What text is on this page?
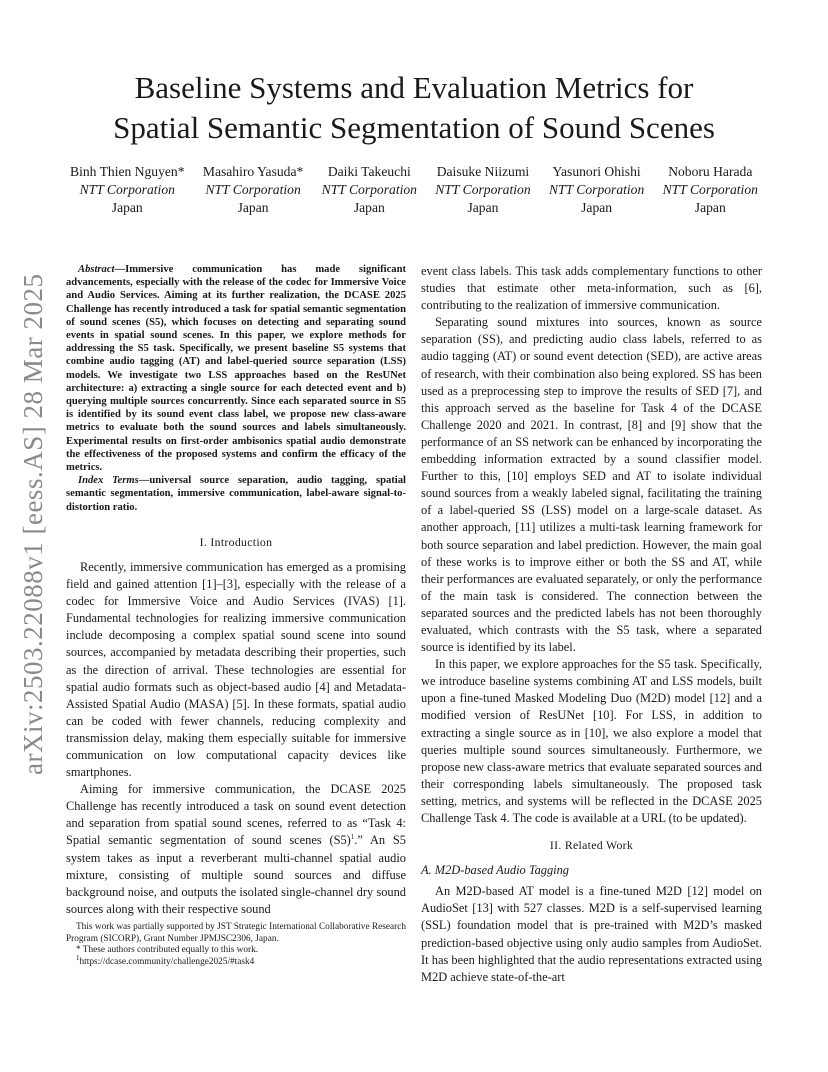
Baseline Systems and Evaluation Metrics for
Spatial Semantic Segmentation of Sound Scenes
Binh Thien Nguyen*
NTT Corporation
Japan
Masahiro Yasuda*
NTT Corporation
Japan
Daiki Takeuchi
NTT Corporation
Japan
Daisuke Niizumi
NTT Corporation
Japan
Yasunori Ohishi
NTT Corporation
Japan
Noboru Harada
NTT Corporation
Japan
arXiv:2503.22088v1 [eess.AS] 28 Mar 2025

Abstract—Immersive communication has made significant advancements, especially with the release of the codec for Immersive Voice and Audio Services. Aiming at its further realization, the DCASE 2025 Challenge has recently introduced a task for spatial semantic segmentation of sound scenes (S5), which focuses on detecting and separating sound events in spatial sound scenes. In this paper, we explore methods for addressing the S5 task. Specifically, we present baseline S5 systems that combine audio tagging (AT) and label-queried source separation (LSS) models. We investigate two LSS approaches based on the ResUNet architecture: a) extracting a single source for each detected event and b) querying multiple sources concurrently. Since each separated source in S5 is identified by its sound event class label, we propose new class-aware metrics to evaluate both the sound sources and labels simultaneously. Experimental results on first-order ambisonics spatial audio demonstrate the effectiveness of the proposed systems and confirm the efficacy of the metrics.

Index Terms—universal source separation, audio tagging, spatial semantic segmentation, immersive communication, label-aware signal-to-distortion ratio.

I. Introduction

Recently, immersive communication has emerged as a promising field and gained attention [1]–[3], especially with the release of a codec for Immersive Voice and Audio Services (IVAS) [1]. Fundamental technologies for realizing immersive communication include decomposing a complex spatial sound scene into sound sources, accompanied by metadata describing their properties, such as the direction of arrival. These technologies are essential for spatial audio formats such as object-based audio [4] and Metadata-Assisted Spatial Audio (MASA) [5]. In these formats, spatial audio can be coded with fewer channels, reducing complexity and transmission delay, making them especially suitable for immersive communication on low computational capacity devices like smartphones.

Aiming for immersive communication, the DCASE 2025 Challenge has recently introduced a task on sound event detection and separation from spatial sound scenes, referred to as “Task 4: Spatial semantic segmentation of sound scenes $(S5)^1$.” An S5 system takes as input a reverberant multi-channel spatial audio mixture, consisting of multiple sound sources and diffuse background noise, and outputs the isolated single-channel dry sound sources along with their respective sound

This work was partially supported by JST Strategic International Collaborative Research Program (SICORP), Grant Number JPMJSC2306, Japan.

* These authors contributed equally to this work.

$^1$https://dcase.community/challenge2025/#task4

event class labels. This task adds complementary functions to other studies that estimate other meta-information, such as [6], contributing to the realization of immersive communication.

Separating sound mixtures into sources, known as source separation (SS), and predicting audio class labels, referred to as audio tagging (AT) or sound event detection (SED), are active areas of research, with their combination also being explored. SS has been used as a preprocessing step to improve the results of SED [7], and this approach served as the baseline for Task 4 of the DCASE Challenge 2020 and 2021. In contrast, [8] and [9] show that the performance of an SS network can be enhanced by incorporating the embedding information extracted by a sound classifier model. Further to this, [10] employs SED and AT to isolate individual sound sources from a weakly labeled signal, facilitating the training of a label-queried SS (LSS) model on a large-scale dataset. As another approach, [11] utilizes a multi-task learning framework for both source separation and label prediction. However, the main goal of these works is to improve either or both the SS and AT, while their performances are evaluated separately, or only the performance of the main task is considered. The connection between the separated sources and the predicted labels has not been thoroughly evaluated, which contrasts with the S5 task, where a separated source is identified by its label.

In this paper, we explore approaches for the S5 task. Specifically, we introduce baseline systems combining AT and LSS models, built upon a fine-tuned Masked Modeling Duo (M2D) model [12] and a modified version of ResUNet [10]. For LSS, in addition to extracting a single source as in [10], we also explore a model that queries multiple sound sources simultaneously. Furthermore, we propose new class-aware metrics that evaluate separated sources and their corresponding labels simultaneously. The proposed task setting, metrics, and systems will be reflected in the DCASE 2025 Challenge Task 4. The code is available at a URL (to be updated).

II. Related Work

A. M2D-based Audio Tagging

An M2D-based AT model is a fine-tuned M2D [12] model on AudioSet [13] with 527 classes. M2D is a self-supervised learning (SSL) foundation model that is pre-trained with M2D’s masked prediction-based objective using only audio samples from AudioSet. It has been highlighted that the audio representations extracted using M2D achieve state-of-the-art
